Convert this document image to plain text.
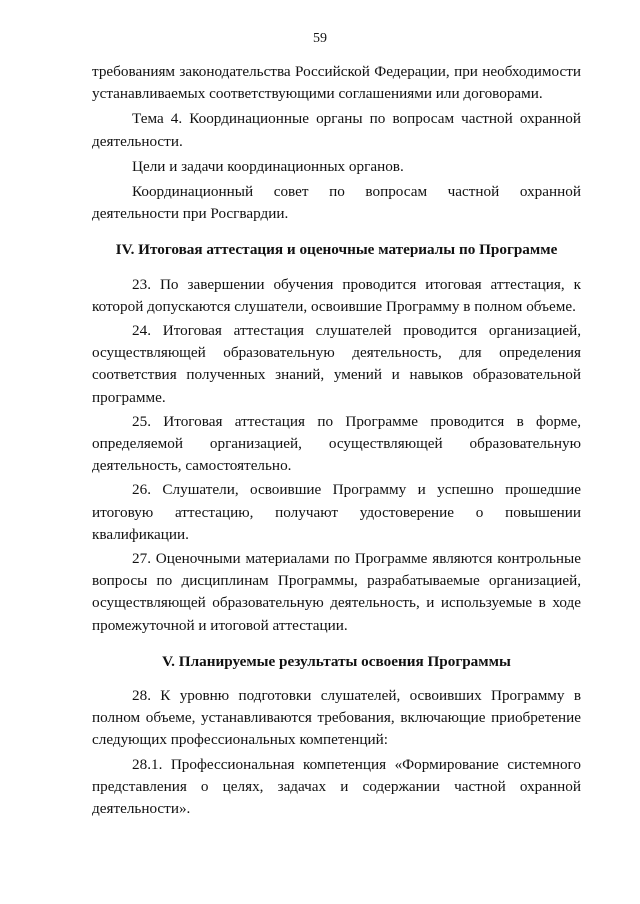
59

требованиям законодательства Российской Федерации, при необходимости устанавливаемых соответствующими соглашениями или договорами.

Тема 4. Координационные органы по вопросам частной охранной деятельности.

Цели и задачи координационных органов.

Координационный совет по вопросам частной охранной деятельности при Росгвардии.

IV. Итоговая аттестация и оценочные материалы по Программе

23. По завершении обучения проводится итоговая аттестация, к которой допускаются слушатели, освоившие Программу в полном объеме.

24. Итоговая аттестация слушателей проводится организацией, осуществляющей образовательную деятельность, для определения соответствия полученных знаний, умений и навыков образовательной программе.

25. Итоговая аттестация по Программе проводится в форме, определяемой организацией, осуществляющей образовательную деятельность, самостоятельно.

26. Слушатели, освоившие Программу и успешно прошедшие итоговую аттестацию, получают удостоверение о повышении квалификации.

27. Оценочными материалами по Программе являются контрольные вопросы по дисциплинам Программы, разрабатываемые организацией, осуществляющей образовательную деятельность, и используемые в ходе промежуточной и итоговой аттестации.

V. Планируемые результаты освоения Программы

28. К уровню подготовки слушателей, освоивших Программу в полном объеме, устанавливаются требования, включающие приобретение следующих профессиональных компетенций:

28.1. Профессиональная компетенция «Формирование системного представления о целях, задачах и содержании частной охранной деятельности».
